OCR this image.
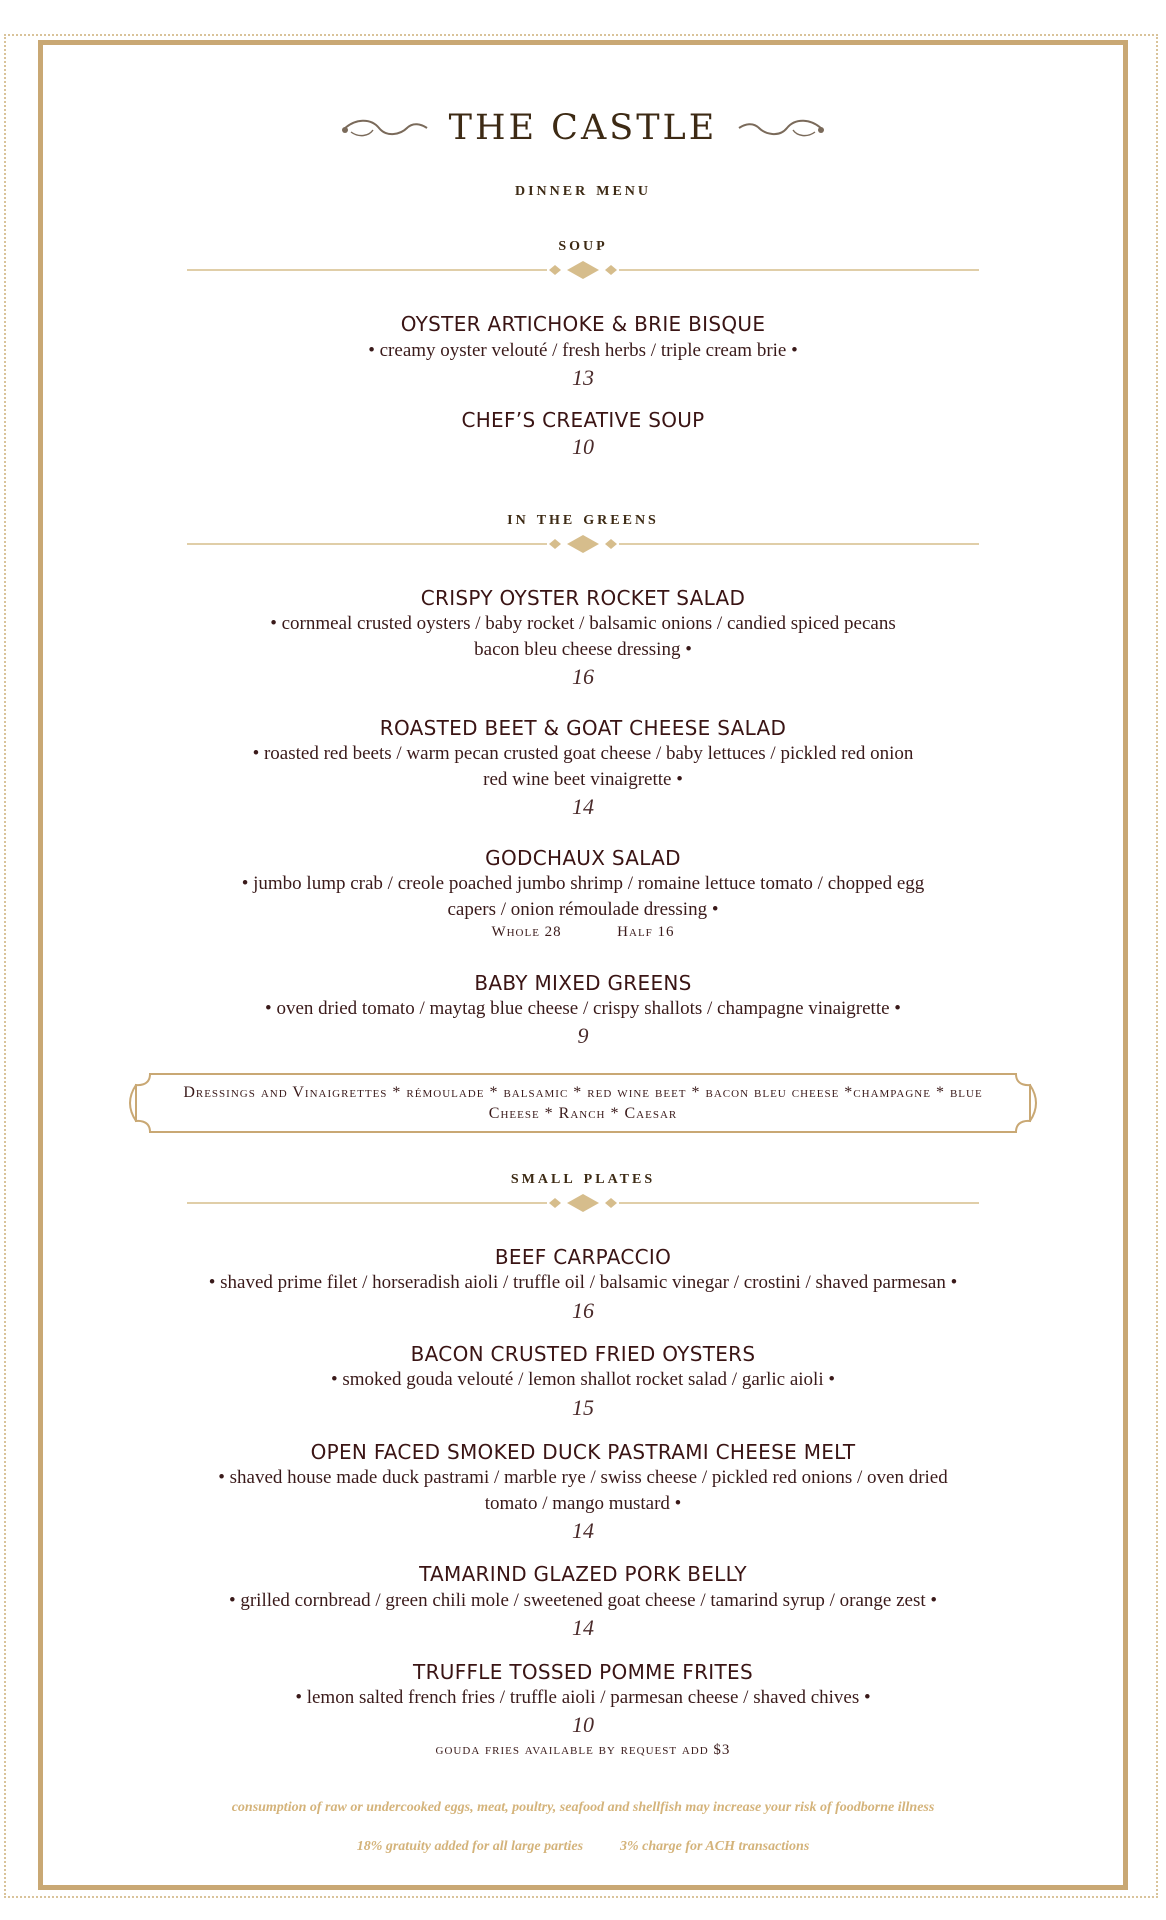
THE CASTLE
dinner menu
soup
OYSTER ARTICHOKE & BRIE BISQUE
• creamy oyster velouté / fresh herbs / triple cream brie •
13
CHEF’S CREATIVE SOUP
10
in the greens
CRISPY OYSTER ROCKET SALAD
• cornmeal crusted oysters / baby rocket / balsamic onions / candied spiced pecans
bacon bleu cheese dressing •
16
ROASTED BEET & GOAT CHEESE SALAD
• roasted red beets / warm pecan crusted goat cheese / baby lettuces / pickled red onion
red wine beet vinaigrette •
14
GODCHAUX SALAD
• jumbo lump crab / creole poached jumbo shrimp / romaine lettuce tomato / chopped egg
capers / onion rémoulade dressing •
Whole 28	Half 16
BABY MIXED GREENS
• oven dried tomato / maytag blue cheese / crispy shallots / champagne vinaigrette •
9
Dressings and Vinaigrettes * rémoulade * balsamic * red wine beet * bacon bleu cheese *champagne * blue
Cheese * Ranch * Caesar
small plates
BEEF CARPACCIO
• shaved prime filet / horseradish aioli / truffle oil / balsamic vinegar / crostini / shaved parmesan •
16
BACON CRUSTED FRIED OYSTERS
• smoked gouda velouté / lemon shallot rocket salad / garlic aioli •
15
OPEN FACED SMOKED DUCK PASTRAMI CHEESE MELT
• shaved house made duck pastrami / marble rye / swiss cheese / pickled red onions / oven dried
tomato / mango mustard •
14
TAMARIND GLAZED PORK BELLY
• grilled cornbread / green chili mole / sweetened goat cheese / tamarind syrup / orange zest •
14
TRUFFLE TOSSED POMME FRITES
• lemon salted french fries / truffle aioli / parmesan cheese / shaved chives •
10
gouda fries available by request add $3
consumption of raw or undercooked eggs, meat, poultry, seafood and shellfish may increase your risk of foodborne illness
18% gratuity added for all large parties	3% charge for ACH transactions
